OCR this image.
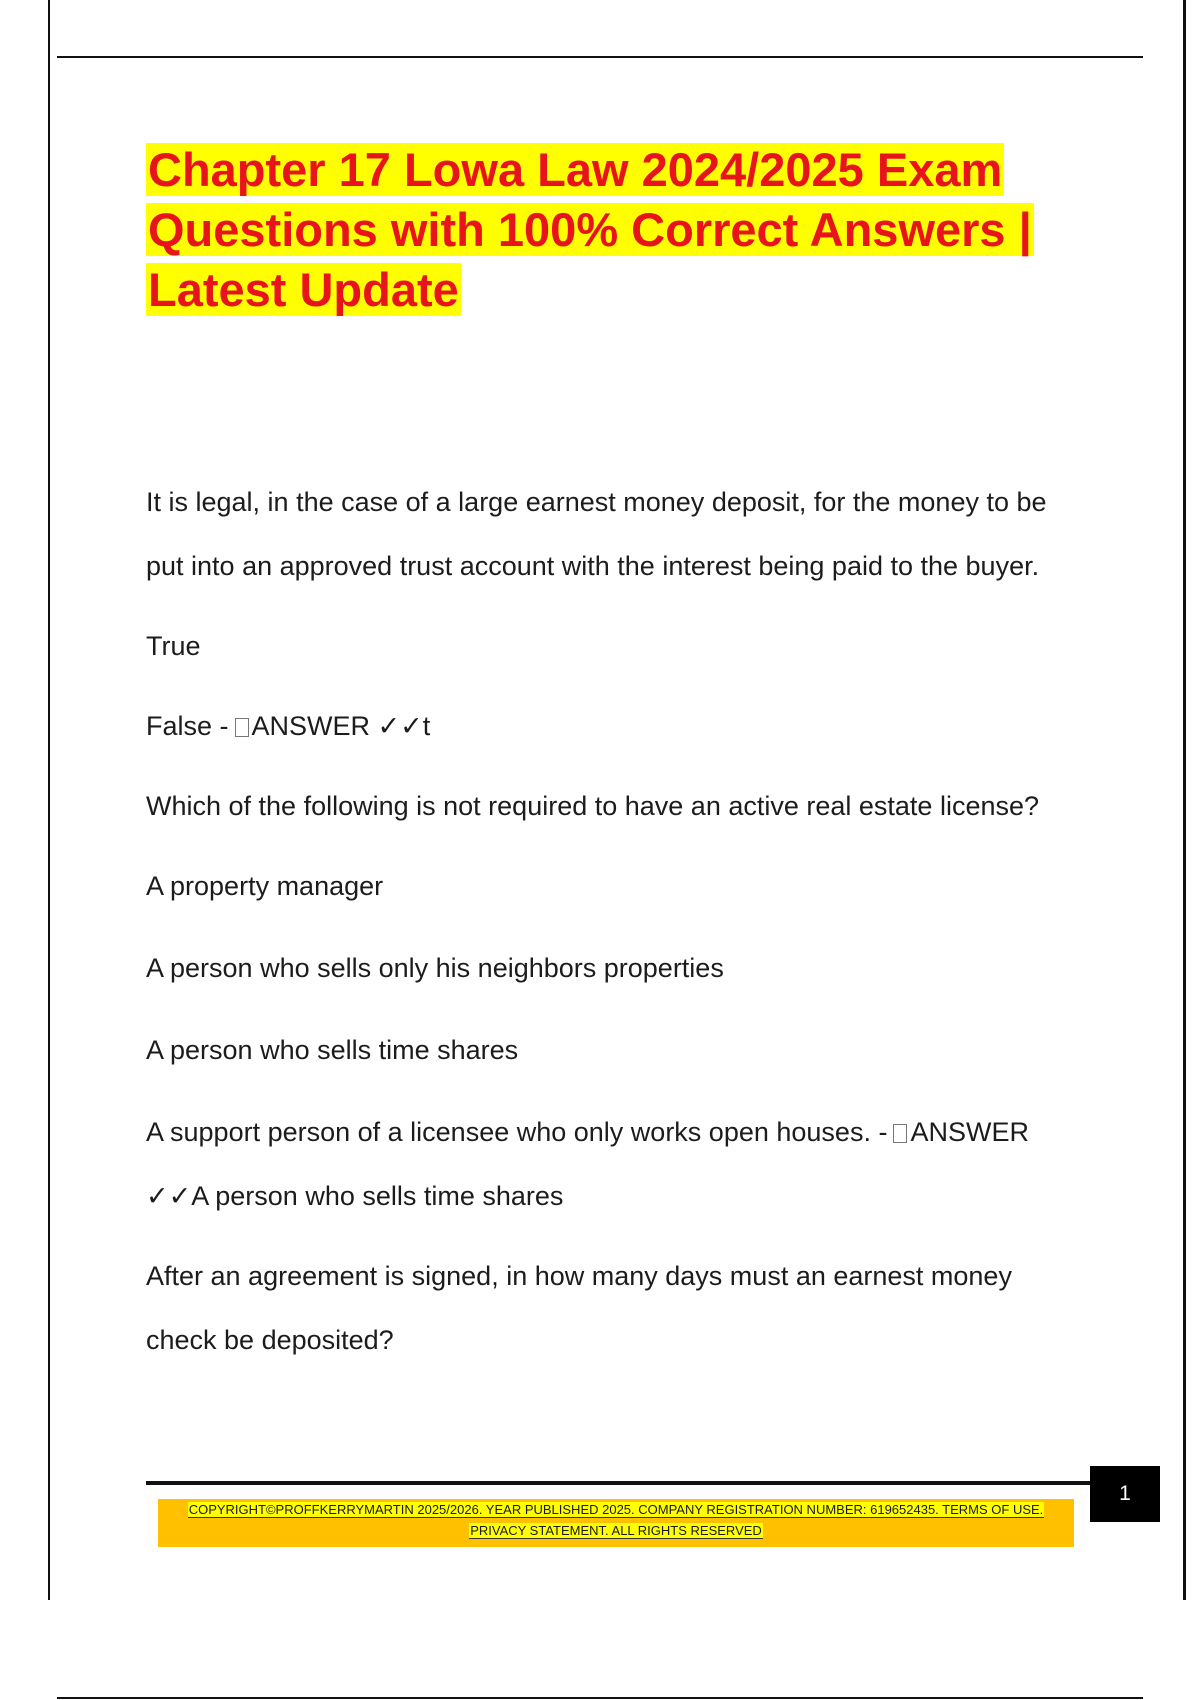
Chapter 17 Lowa Law 2024/2025 Exam
Questions with 100% Correct Answers |
Latest Update

It is legal, in the case of a large earnest money deposit, for the money to be
put into an approved trust account with the interest being paid to the buyer.

True

False - ANSWER ✓✓t

Which of the following is not required to have an active real estate license?

A property manager

A person who sells only his neighbors properties

A person who sells time shares

A support person of a licensee who only works open houses. - ANSWER
✓✓A person who sells time shares

After an agreement is signed, in how many days must an earnest money
check be deposited?

1
COPYRIGHT©PROFFKERRYMARTIN 2025/2026. YEAR PUBLISHED 2025. COMPANY REGISTRATION NUMBER: 619652435. TERMS OF USE.
PRIVACY STATEMENT. ALL RIGHTS RESERVED
